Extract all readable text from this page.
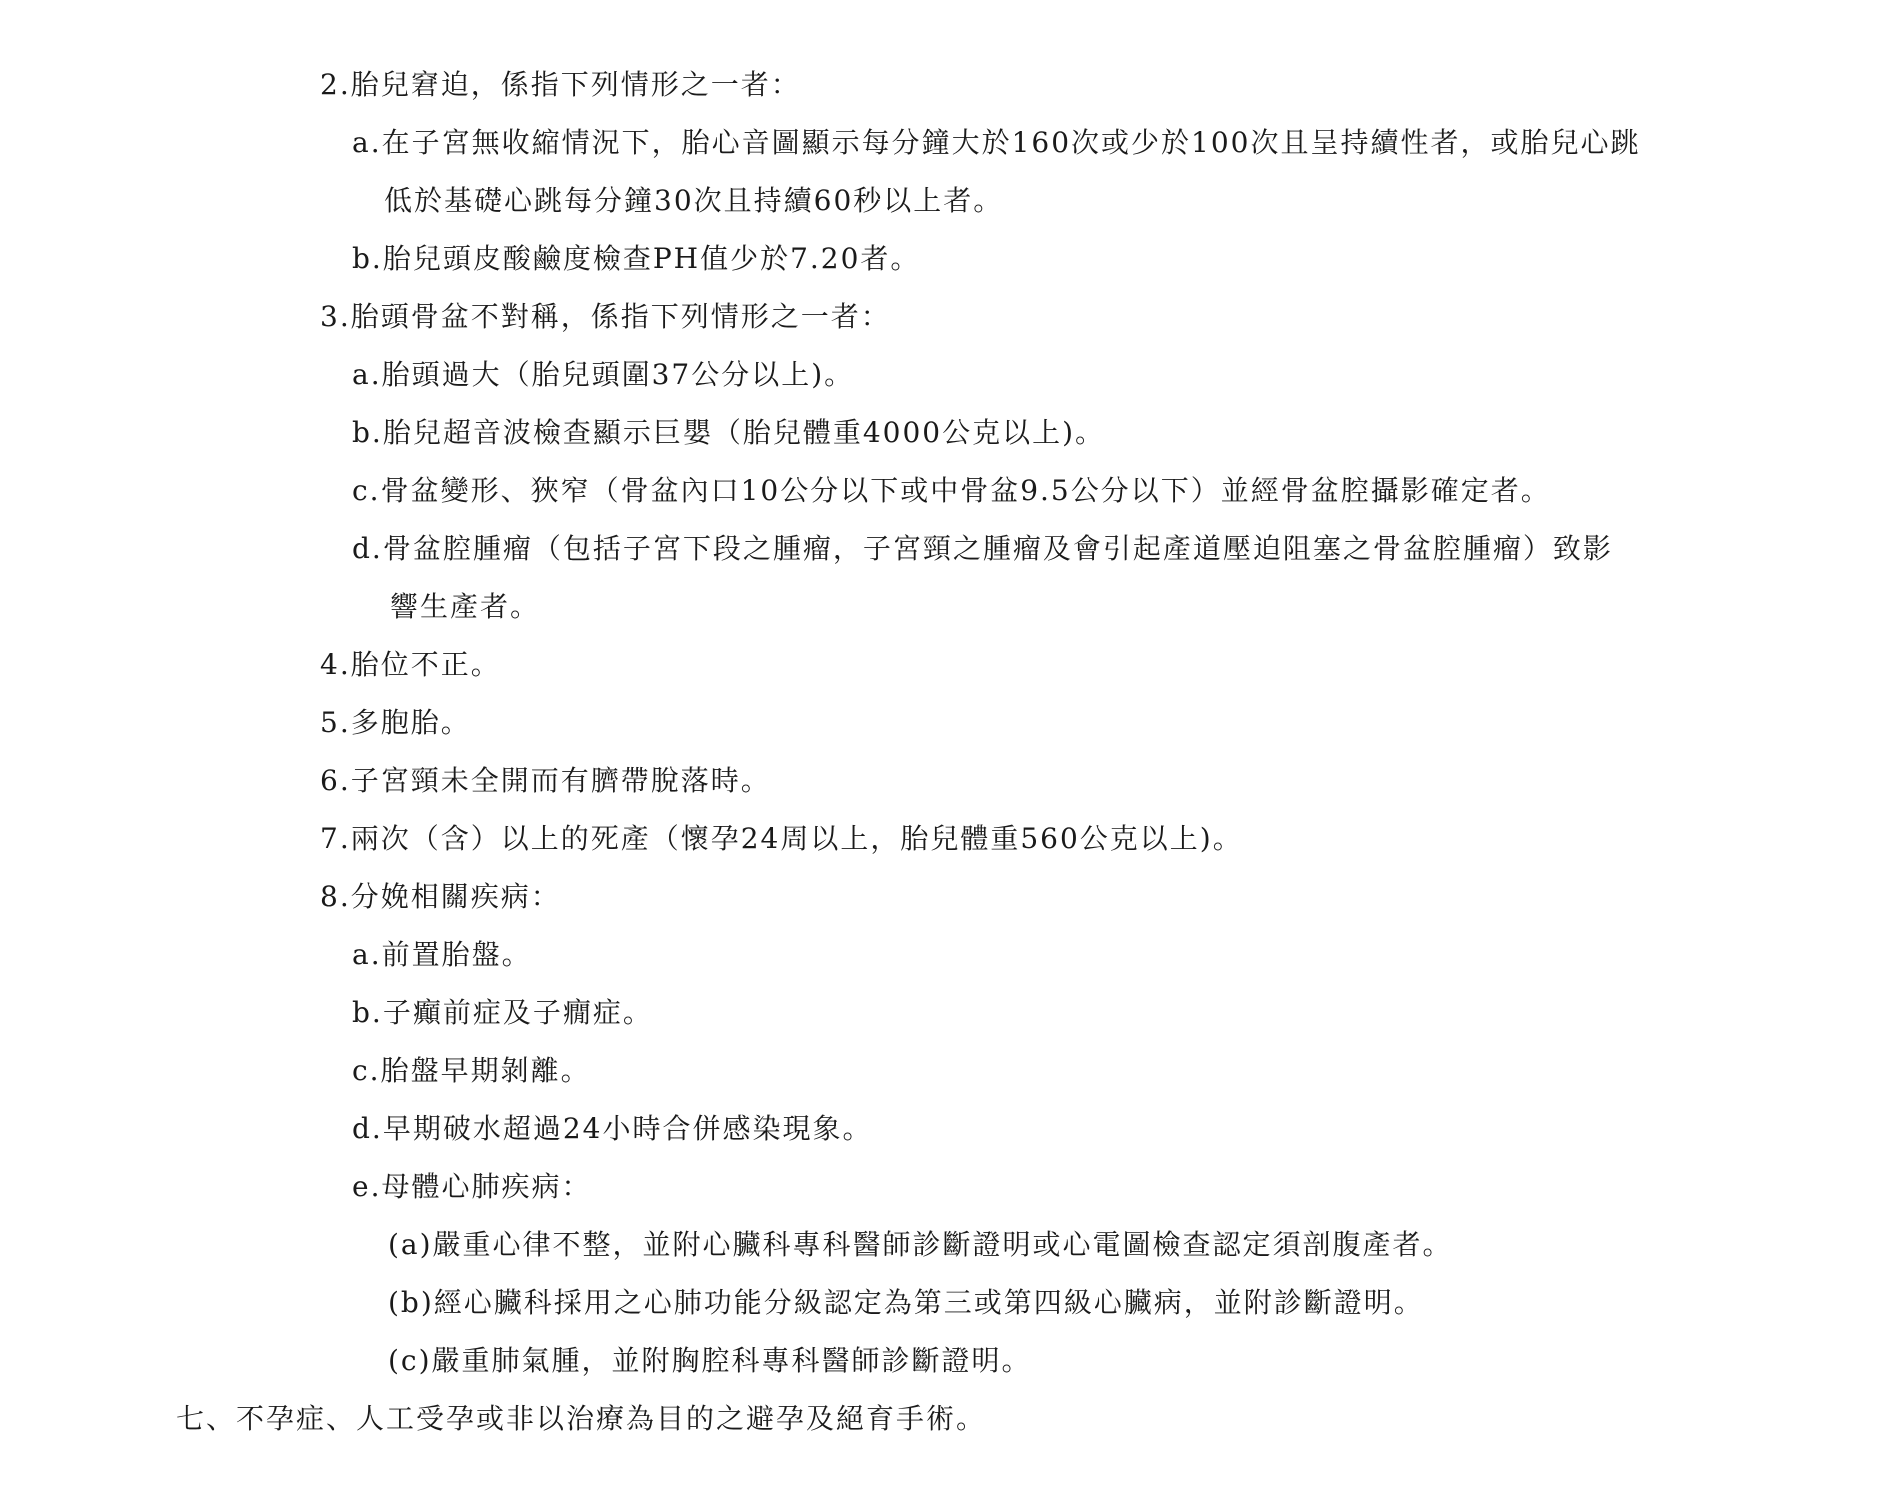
2.胎兒窘迫，係指下列情形之一者：
a.在子宮無收縮情況下，胎心音圖顯示每分鐘大於160次或少於100次且呈持續性者，或胎兒心跳
低於基礎心跳每分鐘30次且持續60秒以上者。
b.胎兒頭皮酸鹼度檢查PH值少於7.20者。
3.胎頭骨盆不對稱，係指下列情形之一者：
a.胎頭過大（胎兒頭圍37公分以上)。
b.胎兒超音波檢查顯示巨嬰（胎兒體重4000公克以上)。
c.骨盆變形、狹窄（骨盆內口10公分以下或中骨盆9.5公分以下）並經骨盆腔攝影確定者。
d.骨盆腔腫瘤（包括子宮下段之腫瘤，子宮頸之腫瘤及會引起產道壓迫阻塞之骨盆腔腫瘤）致影
響生產者。
4.胎位不正。
5.多胞胎。
6.子宮頸未全開而有臍帶脫落時。
7.兩次（含）以上的死產（懷孕24周以上，胎兒體重560公克以上)。
8.分娩相關疾病：
a.前置胎盤。
b.子癲前症及子癇症。
c.胎盤早期剝離。
d.早期破水超過24小時合併感染現象。
e.母體心肺疾病：
(a)嚴重心律不整，並附心臟科專科醫師診斷證明或心電圖檢查認定須剖腹產者。
(b)經心臟科採用之心肺功能分級認定為第三或第四級心臟病，並附診斷證明。
(c)嚴重肺氣腫，並附胸腔科專科醫師診斷證明。
七、不孕症、人工受孕或非以治療為目的之避孕及絕育手術。
